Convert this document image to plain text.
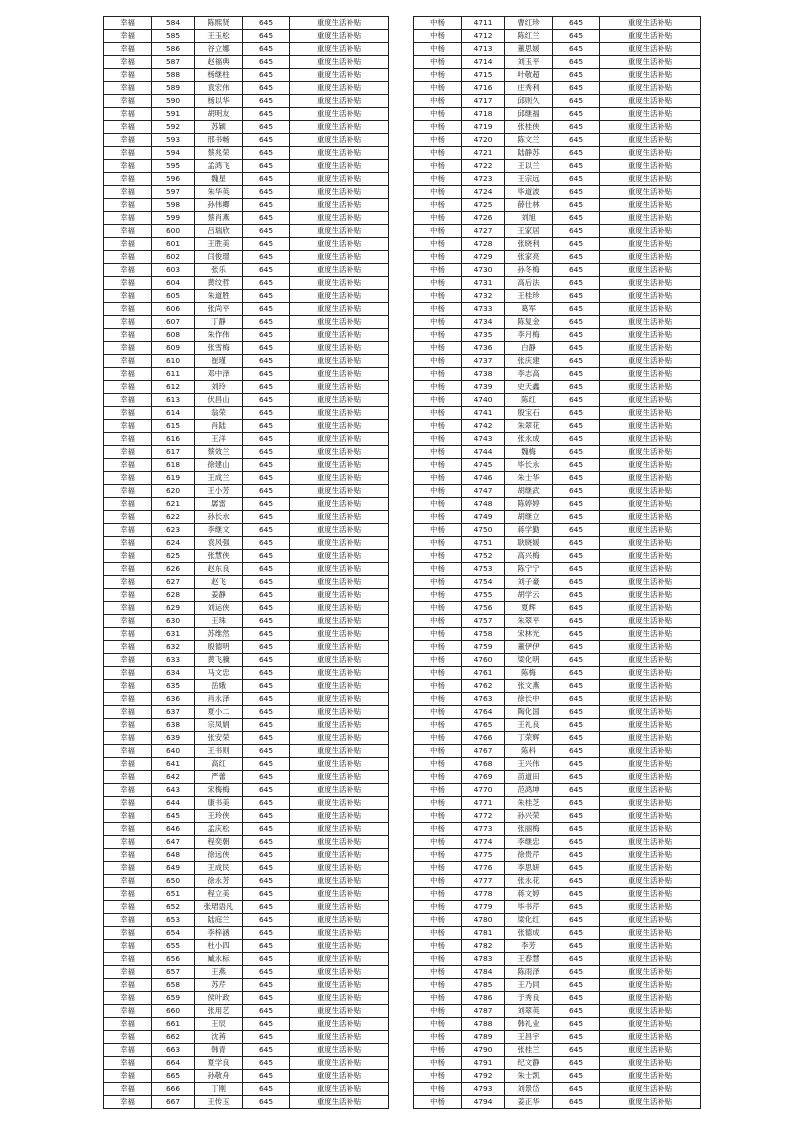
幸福	584	陈熙贤	645	重度生活补贴
幸福	585	王玉松	645	重度生活补贴
幸福	586	谷立娜	645	重度生活补贴
幸福	587	赵福典	645	重度生活补贴
幸福	588	杨继柱	645	重度生活补贴
幸福	589	袁宏伟	645	重度生活补贴
幸福	590	杨以华	645	重度生活补贴
幸福	591	胡明友	645	重度生活补贴
幸福	592	苏颖	645	重度生活补贴
幸福	593	邢书畅	645	重度生活补贴
幸福	594	蔡兆荣	645	重度生活补贴
幸福	595	孟鸿飞	645	重度生活补贴
幸福	596	魏星	645	重度生活补贴
幸福	597	朱华英	645	重度生活补贴
幸福	598	孙伟卿	645	重度生活补贴
幸福	599	蔡肖燕	645	重度生活补贴
幸福	600	吕瑞欣	645	重度生活补贴
幸福	601	王胜美	645	重度生活补贴
幸福	602	闫俊璟	645	重度生活补贴
幸福	603	张乐	645	重度生活补贴
幸福	604	黄纹哲	645	重度生活补贴
幸福	605	朱道胜	645	重度生活补贴
幸福	606	张尚平	645	重度生活补贴
幸福	607	丁静	645	重度生活补贴
幸福	608	朱作伟	645	重度生活补贴
幸福	609	张雪梅	645	重度生活补贴
幸福	610	崔瑾	645	重度生活补贴
幸福	611	邓中泽	645	重度生活补贴
幸福	612	刘玲	645	重度生活补贴
幸福	613	伏昌山	645	重度生活补贴
幸福	614	翁荣	645	重度生活补贴
幸福	615	肖陆	645	重度生活补贴
幸福	616	王洋	645	重度生活补贴
幸福	617	蔡效兰	645	重度生活补贴
幸福	618	徐建山	645	重度生活补贴
幸福	619	王成兰	645	重度生活补贴
幸福	620	王小芳	645	重度生活补贴
幸福	621	孱雷	645	重度生活补贴
幸福	622	孙长水	645	重度生活补贴
幸福	623	李继文	645	重度生活补贴
幸福	624	袁风强	645	重度生活补贴
幸福	625	张慧侠	645	重度生活补贴
幸福	626	赵东良	645	重度生活补贴
幸福	627	赵飞	645	重度生活补贴
幸福	628	姜静	645	重度生活补贴
幸福	629	刘运侠	645	重度生活补贴
幸福	630	王珠	645	重度生活补贴
幸福	631	苏维然	645	重度生活补贴
幸福	632	殷德明	645	重度生活补贴
幸福	633	黄飞骥	645	重度生活补贴
幸福	634	马文忠	645	重度生活补贴
幸福	635	岳娥	645	重度生活补贴
幸福	636	肖永泽	645	重度生活补贴
幸福	637	夏小二	645	重度生活补贴
幸福	638	宗凤娟	645	重度生活补贴
幸福	639	张安荣	645	重度生活补贴
幸福	640	王书则	645	重度生活补贴
幸福	641	高红	645	重度生活补贴
幸福	642	严蕾	645	重度生活补贴
幸福	643	宋梅梅	645	重度生活补贴
幸福	644	康书美	645	重度生活补贴
幸福	645	王玲侠	645	重度生活补贴
幸福	646	孟庆松	645	重度生活补贴
幸福	647	程奕朝	645	重度生活补贴
幸福	648	徐远侠	645	重度生活补贴
幸福	649	王成民	645	重度生活补贴
幸福	650	徐永芳	645	重度生活补贴
幸福	651	程立美	645	重度生活补贴
幸福	652	张珺语凡	645	重度生活补贴
幸福	653	陆庭兰	645	重度生活补贴
幸福	654	李梓涵	645	重度生活补贴
幸福	655	杜小四	645	重度生活补贴
幸福	656	臧永标	645	重度生活补贴
幸福	657	王燕	645	重度生活补贴
幸福	658	苏芹	645	重度生活补贴
幸福	659	侯叶政	645	重度生活补贴
幸福	660	张用艺	645	重度生活补贴
幸福	661	王辰	645	重度生活补贴
幸福	662	沈苒	645	重度生活补贴
幸福	663	韩青	645	重度生活补贴
幸福	664	夏学良	645	重度生活补贴
幸福	665	孙敬舟	645	重度生活补贴
幸福	666	丁刚	645	重度生活补贴
幸福	667	王传玉	645	重度生活补贴
中杨	4711	曹红珍	645	重度生活补贴
中杨	4712	陈红兰	645	重度生活补贴
中杨	4713	董思媛	645	重度生活补贴
中杨	4714	刘玉平	645	重度生活补贴
中杨	4715	叶敬超	645	重度生活补贴
中杨	4716	庄秀利	645	重度生活补贴
中杨	4717	邱则久	645	重度生活补贴
中杨	4718	邱继福	645	重度生活补贴
中杨	4719	张桂侠	645	重度生活补贴
中杨	4720	陈文兰	645	重度生活补贴
中杨	4721	陆静苏	645	重度生活补贴
中杨	4722	王以兰	645	重度生活补贴
中杨	4723	王宗远	645	重度生活补贴
中杨	4724	毕道波	645	重度生活补贴
中杨	4725	薛仕林	645	重度生活补贴
中杨	4726	刘旭	645	重度生活补贴
中杨	4727	王家居	645	重度生活补贴
中杨	4728	张晓利	645	重度生活补贴
中杨	4729	张家亮	645	重度生活补贴
中杨	4730	孙冬梅	645	重度生活补贴
中杨	4731	高后法	645	重度生活补贴
中杨	4732	王桂珍	645	重度生活补贴
中杨	4733	葛军	645	重度生活补贴
中杨	4734	陈复金	645	重度生活补贴
中杨	4735	李月梅	645	重度生活补贴
中杨	4736	白静	645	重度生活补贴
中杨	4737	张庆建	645	重度生活补贴
中杨	4738	李志高	645	重度生活补贴
中杨	4739	史天鑫	645	重度生活补贴
中杨	4740	陈红	645	重度生活补贴
中杨	4741	殷宝石	645	重度生活补贴
中杨	4742	朱翠花	645	重度生活补贴
中杨	4743	张永成	645	重度生活补贴
中杨	4744	魏梅	645	重度生活补贴
中杨	4745	毕长永	645	重度生活补贴
中杨	4746	朱士华	645	重度生活补贴
中杨	4747	胡继武	645	重度生活补贴
中杨	4748	陈婷婷	645	重度生活补贴
中杨	4749	胡继立	645	重度生活补贴
中杨	4750	蒋学勤	645	重度生活补贴
中杨	4751	耿晓媛	645	重度生活补贴
中杨	4752	高兴梅	645	重度生活补贴
中杨	4753	陈宁宁	645	重度生活补贴
中杨	4754	刘子豪	645	重度生活补贴
中杨	4755	胡学云	645	重度生活补贴
中杨	4756	夏辉	645	重度生活补贴
中杨	4757	朱翠平	645	重度生活补贴
中杨	4758	宋林光	645	重度生活补贴
中杨	4759	董伊伊	645	重度生活补贴
中杨	4760	梁化明	645	重度生活补贴
中杨	4761	陈梅	645	重度生活补贴
中杨	4762	张文燕	645	重度生活补贴
中杨	4763	徐长中	645	重度生活补贴
中杨	4764	陶化国	645	重度生活补贴
中杨	4765	王礼良	645	重度生活补贴
中杨	4766	丁荣辉	645	重度生活补贴
中杨	4767	陈科	645	重度生活补贴
中杨	4768	王兴伟	645	重度生活补贴
中杨	4769	苗道田	645	重度生活补贴
中杨	4770	范鸿坤	645	重度生活补贴
中杨	4771	朱桂芝	645	重度生活补贴
中杨	4772	孙兴荣	645	重度生活补贴
中杨	4773	张丽梅	645	重度生活补贴
中杨	4774	李继忠	645	重度生活补贴
中杨	4775	徐贵芹	645	重度生活补贴
中杨	4776	李思妍	645	重度生活补贴
中杨	4777	张永花	645	重度生活补贴
中杨	4778	蒋文婷	645	重度生活补贴
中杨	4779	毕书芹	645	重度生活补贴
中杨	4780	梁化红	645	重度生活补贴
中杨	4781	张德成	645	重度生活补贴
中杨	4782	李芳	645	重度生活补贴
中杨	4783	王春慧	645	重度生活补贴
中杨	4784	陈雨泽	645	重度生活补贴
中杨	4785	王乃同	645	重度生活补贴
中杨	4786	于秀良	645	重度生活补贴
中杨	4787	刘翠英	645	重度生活补贴
中杨	4788	韩礼业	645	重度生活补贴
中杨	4789	王昌宇	645	重度生活补贴
中杨	4790	张桂兰	645	重度生活补贴
中杨	4791	纪文静	645	重度生活补贴
中杨	4792	朱士凯	645	重度生活补贴
中杨	4793	刘景岱	645	重度生活补贴
中杨	4794	姜正华	645	重度生活补贴
